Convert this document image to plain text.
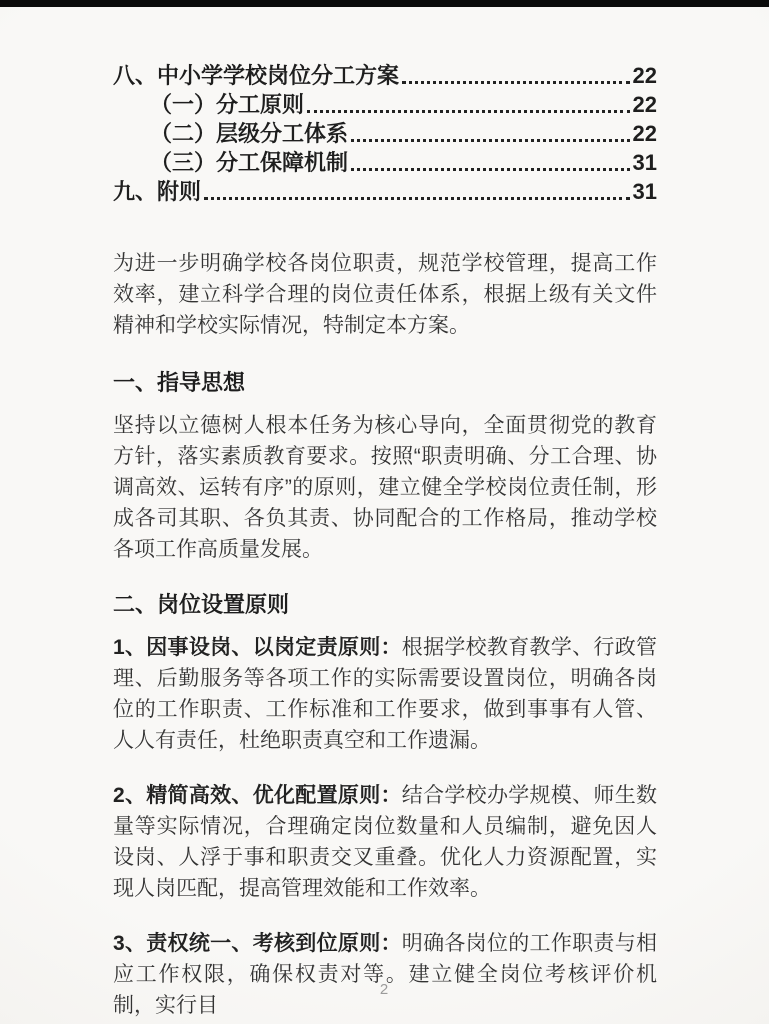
八、中小学学校岗位分工方案	22
（一）分工原则	22
（二）层级分工体系	22
（三）分工保障机制	31
九、附则	31

为进一步明确学校各岗位职责，规范学校管理，提高工作效率，建立科学合理的岗位责任体系，根据上级有关文件精神和学校实际情况，特制定本方案。

一、指导思想

坚持以立德树人根本任务为核心导向，全面贯彻党的教育方针，落实素质教育要求。按照“职责明确、分工合理、协调高效、运转有序”的原则，建立健全学校岗位责任制，形成各司其职、各负其责、协同配合的工作格局，推动学校各项工作高质量发展。

二、岗位设置原则

1、因事设岗、以岗定责原则：根据学校教育教学、行政管理、后勤服务等各项工作的实际需要设置岗位，明确各岗位的工作职责、工作标准和工作要求，做到事事有人管、人人有责任，杜绝职责真空和工作遗漏。

2、精简高效、优化配置原则：结合学校办学规模、师生数量等实际情况，合理确定岗位数量和人员编制，避免因人设岗、人浮于事和职责交叉重叠。优化人力资源配置，实现人岗匹配，提高管理效能和工作效率。

3、责权统一、考核到位原则：明确各岗位的工作职责与相应工作权限，确保权责对等。建立健全岗位考核评价机制，实行目

2
